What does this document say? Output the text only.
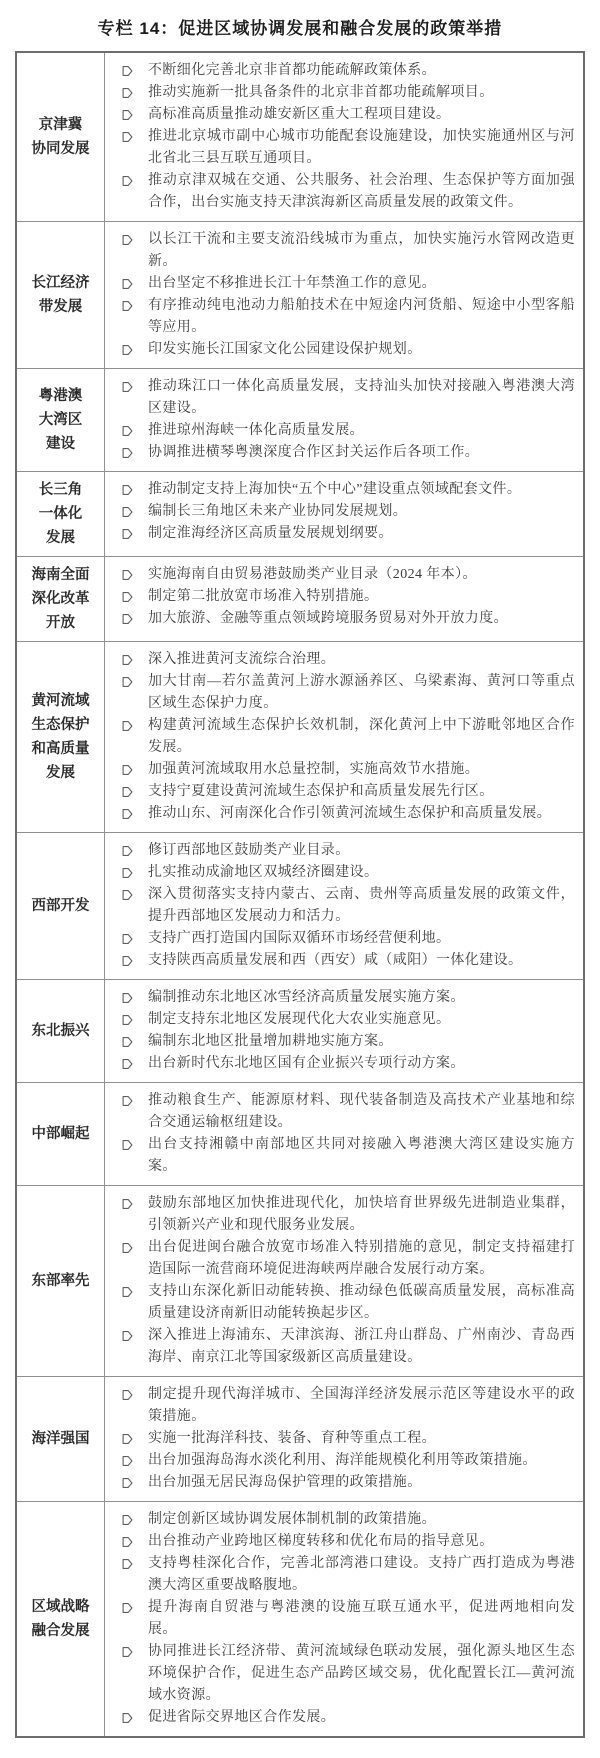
专栏 14：促进区域协调发展和融合发展的政策举措
京津冀
协同发展
不断细化完善北京非首都功能疏解政策体系。
推动实施新一批具备条件的北京非首都功能疏解项目。
高标准高质量推动雄安新区重大工程项目建设。
推进北京城市副中心城市功能配套设施建设，加快实施通州区与河北省北三县互联互通项目。
推动京津双城在交通、公共服务、社会治理、生态保护等方面加强合作，出台实施支持天津滨海新区高质量发展的政策文件。
长江经济
带发展
以长江干流和主要支流沿线城市为重点，加快实施污水管网改造更新。
出台坚定不移推进长江十年禁渔工作的意见。
有序推动纯电池动力船舶技术在中短途内河货船、短途中小型客船等应用。
印发实施长江国家文化公园建设保护规划。
粤港澳
大湾区
建设
推动珠江口一体化高质量发展，支持汕头加快对接融入粤港澳大湾区建设。
推进琼州海峡一体化高质量发展。
协调推进横琴粤澳深度合作区封关运作后各项工作。
长三角
一体化
发展
推动制定支持上海加快“五个中心”建设重点领域配套文件。
编制长三角地区未来产业协同发展规划。
制定淮海经济区高质量发展规划纲要。
海南全面
深化改革
开放
实施海南自由贸易港鼓励类产业目录（2024 年本）。
制定第二批放宽市场准入特别措施。
加大旅游、金融等重点领域跨境服务贸易对外开放力度。
黄河流域
生态保护
和高质量
发展
深入推进黄河支流综合治理。
加大甘南—若尔盖黄河上游水源涵养区、乌梁素海、黄河口等重点区域生态保护力度。
构建黄河流域生态保护长效机制，深化黄河上中下游毗邻地区合作发展。
加强黄河流域取用水总量控制，实施高效节水措施。
支持宁夏建设黄河流域生态保护和高质量发展先行区。
推动山东、河南深化合作引领黄河流域生态保护和高质量发展。
西部开发
修订西部地区鼓励类产业目录。
扎实推动成渝地区双城经济圈建设。
深入贯彻落实支持内蒙古、云南、贵州等高质量发展的政策文件，提升西部地区发展动力和活力。
支持广西打造国内国际双循环市场经营便利地。
支持陕西高质量发展和西（西安）咸（咸阳）一体化建设。
东北振兴
编制推动东北地区冰雪经济高质量发展实施方案。
制定支持东北地区发展现代化大农业实施意见。
编制东北地区批量增加耕地实施方案。
出台新时代东北地区国有企业振兴专项行动方案。
中部崛起
推动粮食生产、能源原材料、现代装备制造及高技术产业基地和综合交通运输枢纽建设。
出台支持湘赣中南部地区共同对接融入粤港澳大湾区建设实施方案。
东部率先
鼓励东部地区加快推进现代化，加快培育世界级先进制造业集群，引领新兴产业和现代服务业发展。
出台促进闽台融合放宽市场准入特别措施的意见，制定支持福建打造国际一流营商环境促进海峡两岸融合发展行动方案。
支持山东深化新旧动能转换、推动绿色低碳高质量发展，高标准高质量建设济南新旧动能转换起步区。
深入推进上海浦东、天津滨海、浙江舟山群岛、广州南沙、青岛西海岸、南京江北等国家级新区高质量建设。
海洋强国
制定提升现代海洋城市、全国海洋经济发展示范区等建设水平的政策措施。
实施一批海洋科技、装备、育种等重点工程。
出台加强海岛海水淡化利用、海洋能规模化利用等政策措施。
出台加强无居民海岛保护管理的政策措施。
区域战略
融合发展
制定创新区域协调发展体制机制的政策措施。
出台推动产业跨地区梯度转移和优化布局的指导意见。
支持粤桂深化合作，完善北部湾港口建设。支持广西打造成为粤港澳大湾区重要战略腹地。
提升海南自贸港与粤港澳的设施互联互通水平，促进两地相向发展。
协同推进长江经济带、黄河流域绿色联动发展，强化源头地区生态环境保护合作，促进生态产品跨区域交易，优化配置长江—黄河流域水资源。
促进省际交界地区合作发展。
